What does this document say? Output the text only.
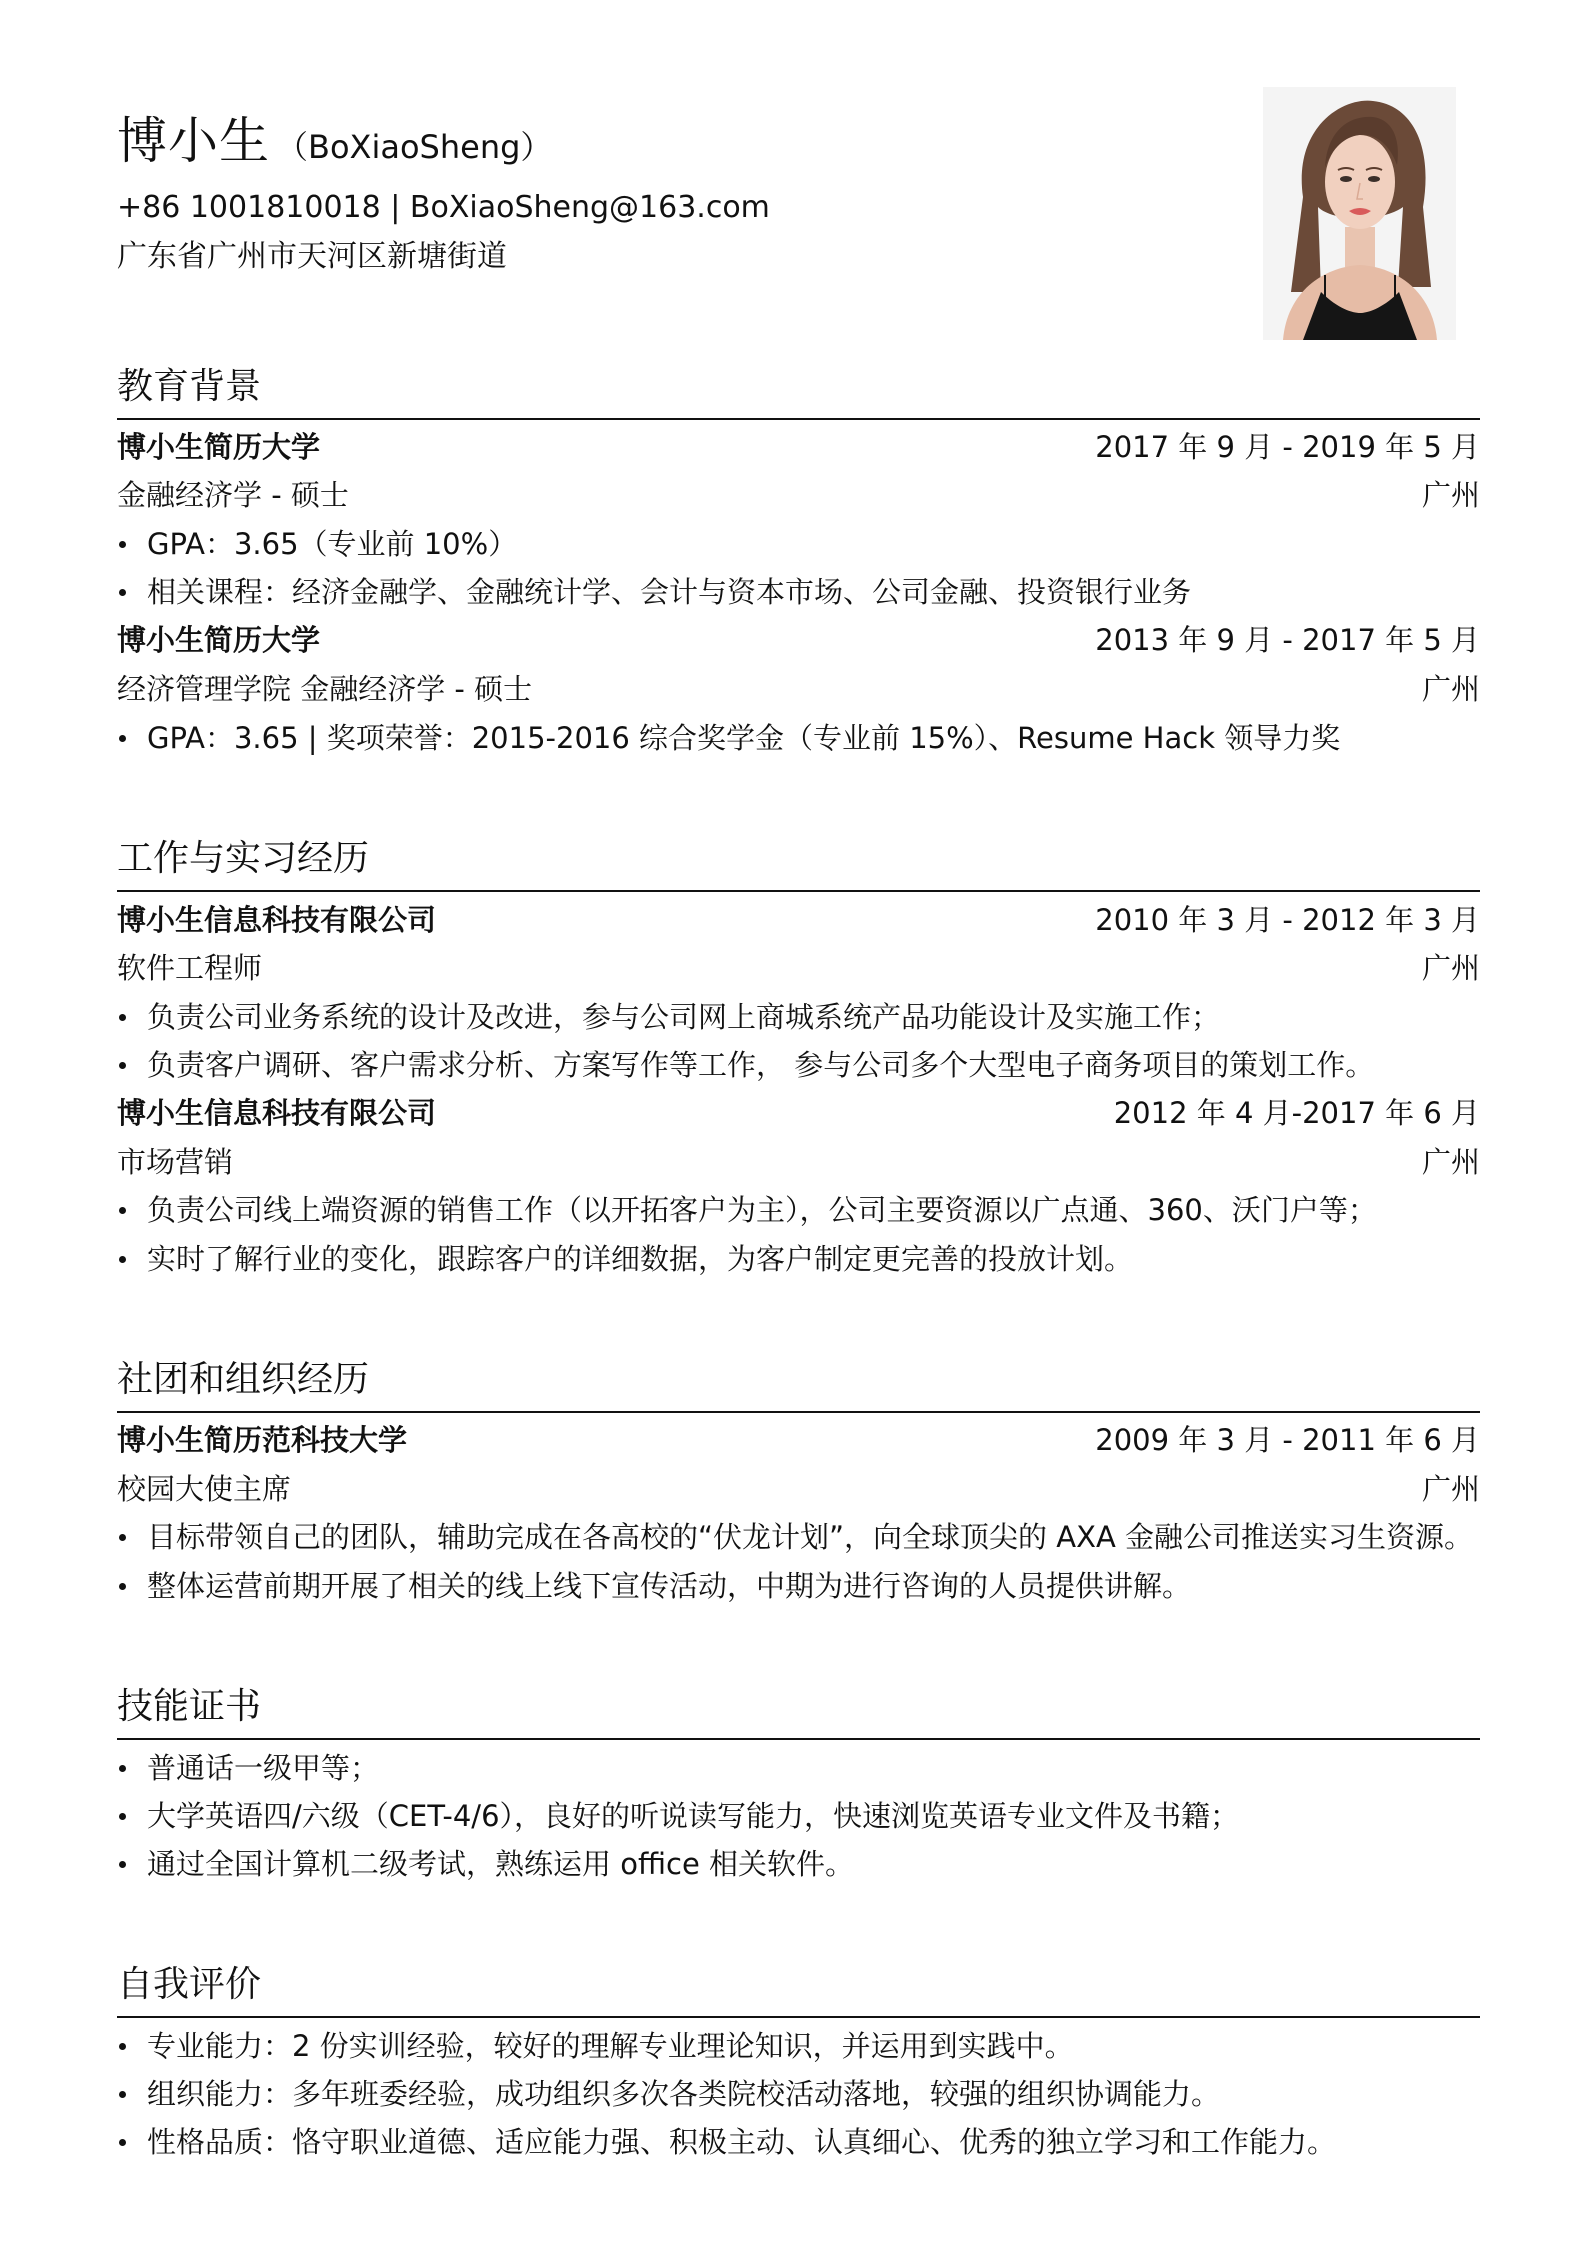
博小生 （BoXiaoSheng）
+86 1001810018 | BoXiaoSheng@163.com
广东省广州市天河区新塘街道
教育背景
博小生简历大学	2017 年 9 月 - 2019 年 5 月
金融经济学 - 硕士	广州
GPA：3.65（专业前 10%）
相关课程：经济金融学、金融统计学、会计与资本市场、公司金融、投资银行业务
博小生简历大学	2013 年 9 月 - 2017 年 5 月
经济管理学院 金融经济学 - 硕士	广州
GPA：3.65 | 奖项荣誉：2015-2016 综合奖学金（专业前 15%）、Resume Hack 领导力奖
工作与实习经历
博小生信息科技有限公司	2010 年 3 月 - 2012 年 3 月
软件工程师	广州
负责公司业务系统的设计及改进，参与公司网上商城系统产品功能设计及实施工作；
负责客户调研、客户需求分析、方案写作等工作， 参与公司多个大型电子商务项目的策划工作。
博小生信息科技有限公司	2012 年 4 月-2017 年 6 月
市场营销	广州
负责公司线上端资源的销售工作（以开拓客户为主），公司主要资源以广点通、360、沃门户等；
实时了解行业的变化，跟踪客户的详细数据，为客户制定更完善的投放计划。
社团和组织经历
博小生简历范科技大学	2009 年 3 月 - 2011 年 6 月
校园大使主席	广州
目标带领自己的团队，辅助完成在各高校的“伏龙计划”，向全球顶尖的 AXA 金融公司推送实习生资源。
整体运营前期开展了相关的线上线下宣传活动，中期为进行咨询的人员提供讲解。
技能证书
普通话一级甲等；
大学英语四/六级（CET-4/6），良好的听说读写能力，快速浏览英语专业文件及书籍；
通过全国计算机二级考试，熟练运用 office 相关软件。
自我评价
专业能力：2 份实训经验，较好的理解专业理论知识，并运用到实践中。
组织能力：多年班委经验，成功组织多次各类院校活动落地，较强的组织协调能力。
性格品质：恪守职业道德、适应能力强、积极主动、认真细心、优秀的独立学习和工作能力。
